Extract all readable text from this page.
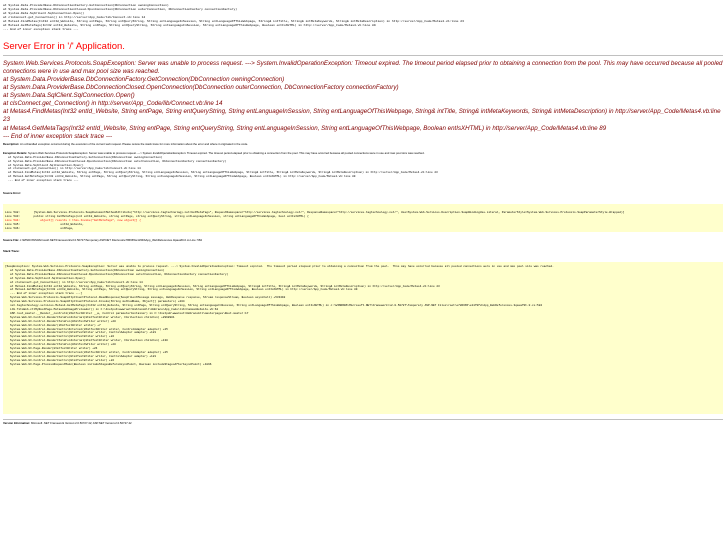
at System.Data.ProviderBase.DbConnectionFactory.GetConnection(DbConnection owningConnection)
at System.Data.ProviderBase.DbConnectionClosed.OpenConnection(DbConnection outerConnection, DbConnectionFactory connectionFactory)
at System.Data.SqlClient.SqlConnection.Open()
at clsConnect.get_Connection() in http://server/App_Code/lib/Connect.vb:line 14
at Metas4.FindMetas(Int32 entId_Website, String entPage, String entQueryString, String entLanguageInSession, String entLanguageOfThisWebpage, String& intTitle, String& intMetaKeywords, String& intMetaDescription) in http://server/App_Code/Metas4.vb:line 23
at Metas4.GetMetaTags(Int32 entId_Website, String entPage, String entQueryString, String entLanguageInSession, String entLanguageOfThisWebpage, Boolean entIsXHTML) in http://server/App_Code/Metas4.vb:line 89
--- End of inner exception stack trace ---
Server Error in '/' Application.
System.Web.Services.Protocols.SoapException: Server was unable to process request. ---> System.InvalidOperationException: Timeout expired. The timeout period elapsed prior to obtaining a connection from the pool. This may have occurred because all pooled connections were in use and max pool size was reached.
at System.Data.ProviderBase.DbConnectionFactory.GetConnection(DbConnection owningConnection)
at System.Data.ProviderBase.DbConnectionClosed.OpenConnection(DbConnection outerConnection, DbConnectionFactory connectionFactory)
at System.Data.SqlClient.SqlConnection.Open()
at clsConnect.get_Connection() in http://server/App_Code/lib/Connect.vb:line 14
at Metas4.FindMetas(Int32 entId_Website, String entPage, String entQueryString, String entLanguageInSession, String entLanguageOfThisWebpage, String& intTitle, String& intMetaKeywords, String& intMetaDescription) in http://server/App_Code/Metas4.vb:line 23
at Metas4.GetMetaTags(Int32 entId_Website, String entPage, String entQueryString, String entLanguageInSession, String entLanguageOfThisWebpage, Boolean entIsXHTML) in http://server/App_Code/Metas4.vb:line 89
--- End of inner exception stack trace ---
Description: An unhandled exception occurred during the execution of the current web request. Please review the stack trace for more information about the error and where it originated in the code.
Exception Details: System.Web.Services.Protocols.SoapException: Server was unable to process request. ---> System.InvalidOperationException: Timeout expired. The timeout period elapsed prior to obtaining a connection from the pool. This may have occurred because all pooled connections were in use and max pool size was reached.
at System.Data.ProviderBase.DbConnectionFactory.GetConnection(DbConnection owningConnection)
at System.Data.ProviderBase.DbConnectionClosed.OpenConnection(DbConnection outerConnection, DbConnectionFactory connectionFactory)
at System.Data.SqlClient.SqlConnection.Open()
at clsConnect.get_Connection() in http://server/App_Code/lib/Connect.vb:line 14
at Metas4.FindMetas(Int32 entId_Website, String entPage, String entQueryString, String entLanguageInSession, String entLanguageOfThisWebpage, String& intTitle, String& intMetaKeywords, String& intMetaDescription) in http://server/App_Code/Metas4.vb:line 23
at Metas4.GetMetaTags(Int32 entId_Website, String entPage, String entQueryString, String entLanguageInSession, String entLanguageOfThisWebpage, Boolean entIsXHTML) in http://server/App_Code/Metas4.vb:line 89
--- End of inner exception stack trace ---
Source Error:

Line 582:        [System.Web.Services.Protocols.SoapDocumentMethodAttribute("http://services.tagtechnology.net/GetMetaTags", RequestNamespace="http://services.tagtechnology.net/", ResponseNamespace="http://services.tagtechnology.net/", Use=System.Web.Services.Description.SoapBindingUse.Literal, ParameterStyle=System.Web.Services.Protocols.SoapParameterStyle.Wrapped)]
Line 583:        public string GetMetaTags(int entId_Website, string entPage, string entQueryString, string entLanguageInSession, string entLanguageOfThisWebpage, bool entIsXHTML) {
Line 584:            object[] results = this.Invoke("GetMetaTags", new object[] {
Line 585:                        entId_Website,
Line 586:                        entPage,
Source File: c:\WINDOWS\Microsoft.NET\Framework\v2.0.50727\Temporary ASP.NET Files\root\e786665\e11f0fd\App_WebReferences.3qauaf0t.0.cs Line: 584
Stack Trace:
[SoapException: System.Web.Services.Protocols.SoapException: Server was unable to process request. ---> System.InvalidOperationException: Timeout expired.  The timeout period elapsed prior to obtaining a connection from the pool.  This may have occurred because all pooled connections were in use and max pool size was reached.
at System.Data.ProviderBase.DbConnectionFactory.GetConnection(DbConnection owningConnection)
at System.Data.ProviderBase.DbConnectionClosed.OpenConnection(DbConnection outerConnection, DbConnectionFactory connectionFactory)
at System.Data.SqlClient.SqlConnection.Open()
at clsConnect.get_Connection() in http://server/App_Code/lib/Connect.vb:line 14
at Metas4.FindMetas(Int32 entId_Website, String entPage, String entQueryString, String entLanguageInSession, String entLanguageOfThisWebpage, String& intTitle, String& intMetaKeywords, String& intMetaDescription) in http://server/App_Code/Metas4.vb:line 23
at Metas4.GetMetaTags(Int32 entId_Website, String entPage, String entQueryString, String entLanguageInSession, String entLanguageOfThisWebpage, Boolean entIsXHTML) in http://server/App_Code/Metas4.vb:line 89
--- End of inner exception stack trace ---]
System.Web.Services.Protocols.SoapHttpClientProtocol.ReadResponse(SoapClientMessage message, WebResponse response, Stream responseStream, Boolean asyncCall) +533492
System.Web.Services.Protocols.SoapHttpClientProtocol.Invoke(String methodName, Object[] parameters) +204
net.tagtechnology.services.Metas4.GetMetaTags(Int32 entId_Website, String entPage, String entQueryString, String entLanguageInSession, String entLanguageOfThisWebpage, Boolean entIsXHTML) in c:\WINDOWS\Microsoft.NET\Framework\v2.0.50727\Temporary ASP.NET Files\root\e786665\e11f0fd\App_WebReferences.3qauaf0t.0.cs:584
LCG.TitoWeb.ctlMyRootPage.MetasAndImagePreloader() in C:\Inetpub\wwwroot\UmbracoAll\Umbraco\App_Code\lib\CommonWebsite.vb:62
ASP.root_master.__Render__control1(HtmlTextWriter __w, Control parameterContainer) in C:\Inetpub\wwwroot\UmbracoAll\masterpages\Root.master:17
System.Web.UI.Control.RenderChildrenInternal(HtmlTextWriter writer, ICollection children) +2968901
System.Web.UI.Control.RenderChildren(HtmlTextWriter writer) +20
System.Web.UI.Control.Render(HtmlTextWriter writer) +7
System.Web.UI.Control.RenderControlInternal(HtmlTextWriter writer, ControlAdapter adapter) +25
System.Web.UI.Control.RenderControl(HtmlTextWriter writer, ControlAdapter adapter) +121
System.Web.UI.Control.RenderControl(HtmlTextWriter writer) +22
System.Web.UI.Control.RenderChildrenInternal(HtmlTextWriter writer, ICollection children) +130
System.Web.UI.Control.RenderChildren(HtmlTextWriter writer) +20
System.Web.UI.Page.Render(HtmlTextWriter writer) +26
System.Web.UI.Control.RenderControlInternal(HtmlTextWriter writer, ControlAdapter adapter) +25
System.Web.UI.Control.RenderControl(HtmlTextWriter writer, ControlAdapter adapter) +121
System.Web.UI.Control.RenderControl(HtmlTextWriter writer) +22
System.Web.UI.Page.ProcessRequestMain(Boolean includeStagesBeforeAsyncPoint, Boolean includeStagesAfterAsyncPoint) +1896
Version Information: Microsoft .NET Framework Version:2.0.50727.42; ASP.NET Version:2.0.50727.42
